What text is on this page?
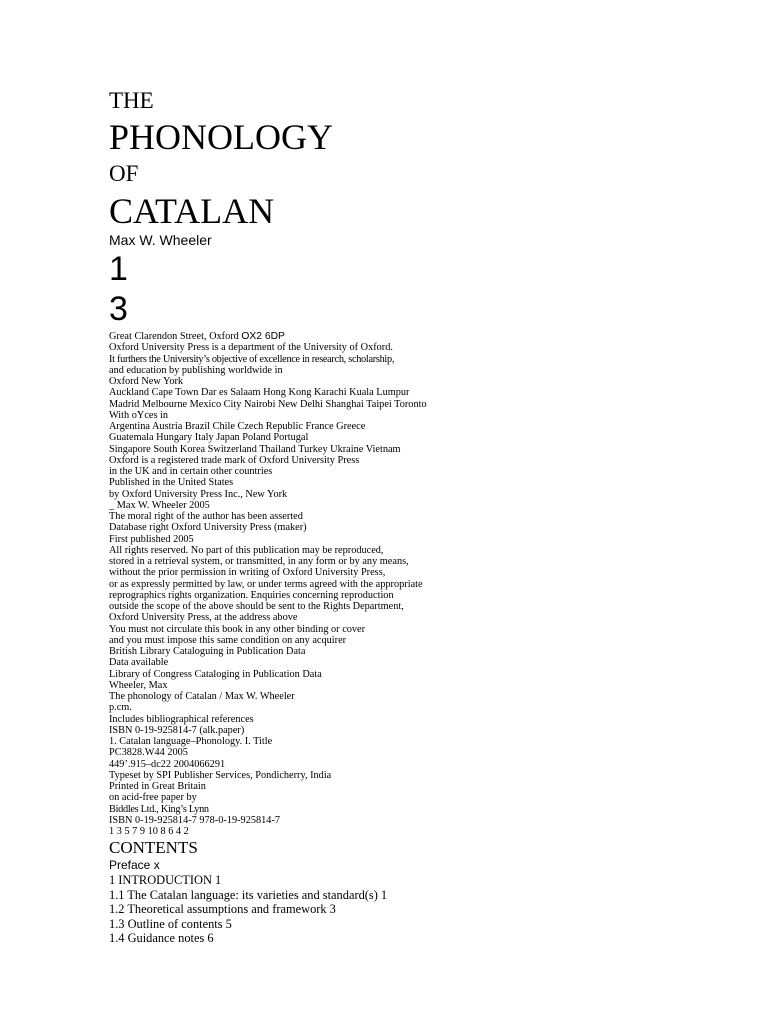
THE
PHONOLOGY
OF
CATALAN
Max W. Wheeler
1
3
Great Clarendon Street, Oxford OX2 6DP
Oxford University Press is a department of the University of Oxford.
It furthers the University’s objective of excellence in research, scholarship,
and education by publishing worldwide in
Oxford New York
Auckland Cape Town Dar es Salaam Hong Kong Karachi Kuala Lumpur
Madrid Melbourne Mexico City Nairobi New Delhi Shanghai Taipei Toronto
With oYces in
Argentina Austria Brazil Chile Czech Republic France Greece
Guatemala Hungary Italy Japan Poland Portugal
Singapore South Korea Switzerland Thailand Turkey Ukraine Vietnam
Oxford is a registered trade mark of Oxford University Press
in the UK and in certain other countries
Published in the United States
by Oxford University Press Inc., New York
_ Max W. Wheeler 2005
The moral right of the author has been asserted
Database right Oxford University Press (maker)
First published 2005
All rights reserved. No part of this publication may be reproduced,
stored in a retrieval system, or transmitted, in any form or by any means,
without the prior permission in writing of Oxford University Press,
or as expressly permitted by law, or under terms agreed with the appropriate
reprographics rights organization. Enquiries concerning reproduction
outside the scope of the above should be sent to the Rights Department,
Oxford University Press, at the address above
You must not circulate this book in any other binding or cover
and you must impose this same condition on any acquirer
British Library Cataloguing in Publication Data
Data available
Library of Congress Cataloging in Publication Data
Wheeler, Max
The phonology of Catalan / Max W. Wheeler
p.cm.
Includes bibliographical references
ISBN 0-19-925814-7 (alk.paper)
1. Catalan language–Phonology. I. Title
PC3828.W44 2005
449’.915–dc22 2004066291
Typeset by SPI Publisher Services, Pondicherry, India
Printed in Great Britain
on acid-free paper by
Biddles Ltd., King’s Lynn
ISBN 0-19-925814-7 978-0-19-925814-7
1 3 5 7 9 10 8 6 4 2
CONTENTS
Preface x
1 INTRODUCTION 1
1.1 The Catalan language: its varieties and standard(s) 1
1.2 Theoretical assumptions and framework 3
1.3 Outline of contents 5
1.4 Guidance notes 6
